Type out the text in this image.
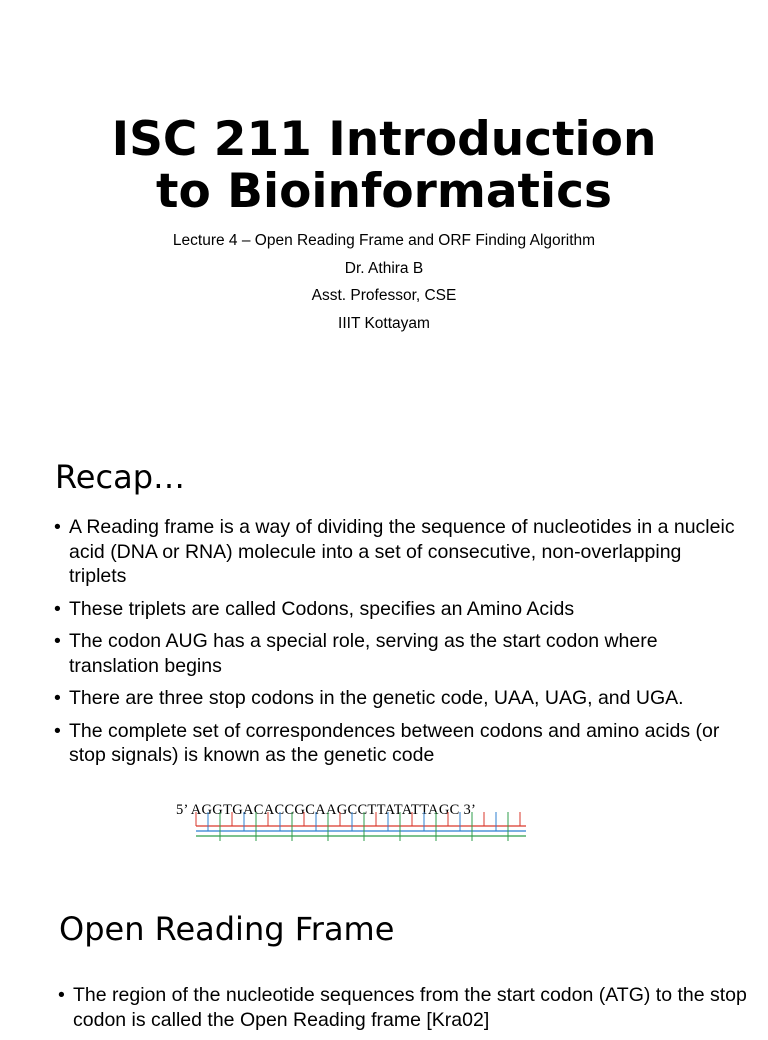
ISC 211 Introduction
to Bioinformatics
Lecture 4 – Open Reading Frame and ORF Finding Algorithm
Dr. Athira B
Asst. Professor, CSE
IIIT Kottayam
Recap…
• A Reading frame is a way of dividing the sequence of nucleotides in a nucleic acid (DNA or RNA) molecule into a set of consecutive, non-overlapping triplets
• These triplets are called Codons, specifies an Amino Acids
• The codon AUG has a special role, serving as the start codon where translation begins
• There are three stop codons in the genetic code, UAA, UAG, and UGA.
• The complete set of correspondences between codons and amino acids (or stop signals) is known as the genetic code
5’ AGGTGACACCGCAAGCCTTATATTAGC 3’
Open Reading Frame
• The region of the nucleotide sequences from the start codon (ATG) to the stop codon is called the Open Reading frame [Kra02]
